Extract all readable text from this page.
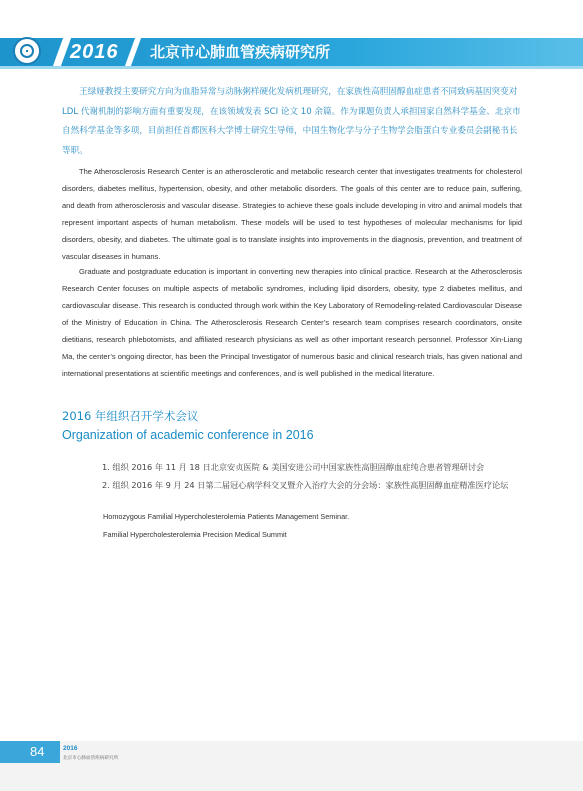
2016 北京市心肺血管疾病研究所

王绿娅教授主要研究方向为血脂异常与动脉粥样硬化发病机理研究，在家族性高胆固醇血症患者不同致病基因突变对 LDL 代谢机制的影响方面有重要发现，在该领域发表 SCI 论文 10 余篇。作为课题负责人承担国家自然科学基金、北京市自然科学基金等多项，目前担任首都医科大学博士研究生导师，中国生物化学与分子生物学会脂蛋白专业委员会副秘书长等职。

The Atherosclerosis Research Center is an atherosclerotic and metabolic research center that investigates treatments for cholesterol disorders, diabetes mellitus, hypertension, obesity, and other metabolic disorders. The goals of this center are to reduce pain, suffering, and death from atherosclerosis and vascular disease. Strategies to achieve these goals include developing in vitro and animal models that represent important aspects of human metabolism. These models will be used to test hypotheses of molecular mechanisms for lipid disorders, obesity, and diabetes. The ultimate goal is to translate insights into improvements in the diagnosis, prevention, and treatment of vascular diseases in humans.

Graduate and postgraduate education is important in converting new therapies into clinical practice. Research at the Atherosclerosis Research Center focuses on multiple aspects of metabolic syndromes, including lipid disorders, obesity, type 2 diabetes mellitus, and cardiovascular disease. This research is conducted through work within the Key Laboratory of Remodeling-related Cardiovascular Disease of the Ministry of Education in China. The Atherosclerosis Research Center’s research team comprises research coordinators, onsite dietitians, research phlebotomists, and affiliated research physicians as well as other important research personnel. Professor Xin-Liang Ma, the center’s ongoing director, has been the Principal Investigator of numerous basic and clinical research trials, has given national and international presentations at scientific meetings and conferences, and is well published in the medical literature.

2016 年组织召开学术会议

Organization of academic conference in 2016

1. 组织 2016 年 11 月 18 日北京安贞医院 & 美国安进公司中国家族性高胆固醇血症纯合患者管理研讨会

2. 组织 2016 年 9 月 24 日第二届冠心病学科交叉暨介入治疗大会的分会场：家族性高胆固醇血症精准医疗论坛

Homozygous Familial Hypercholesterolemia Patients Management Seminar.

Familial Hypercholesterolemia Precision Medical Summit

84	2016

北京市心肺血管疾病研究所
